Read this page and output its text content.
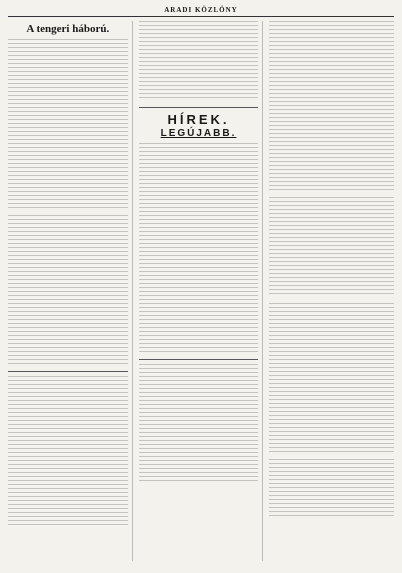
ARADI KÖZLÖNY
A tengeri háború.
HÍREK.
LEGÚJABB.
